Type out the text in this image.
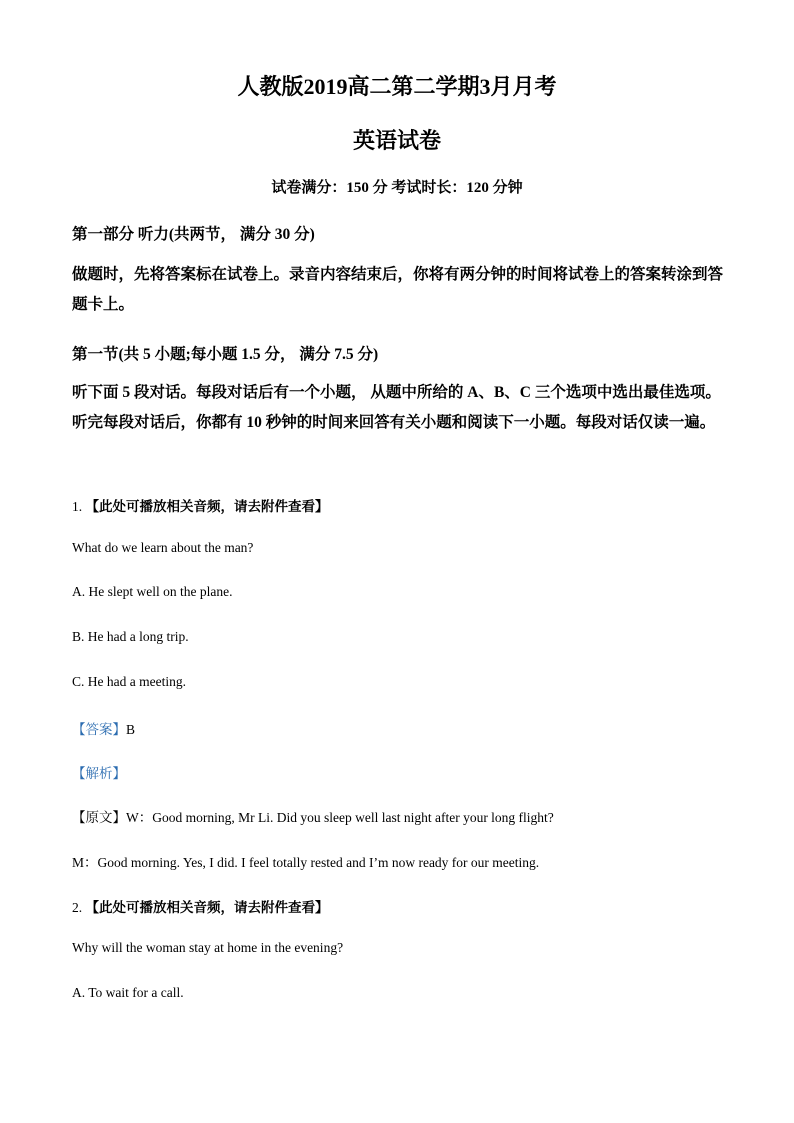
人教版2019高二第二学期3月月考
英语试卷
试卷满分：150 分 考试时长：120 分钟
第一部分 听力(共两节， 满分 30 分)
做题时，先将答案标在试卷上。录音内容结束后，你将有两分钟的时间将试卷上的答案转涂到答题卡上。
第一节(共 5 小题;每小题 1.5 分， 满分 7.5 分)
听下面 5 段对话。每段对话后有一个小题， 从题中所给的 A、B、C 三个选项中选出最佳选项。听完每段对话后，你都有 10 秒钟的时间来回答有关小题和阅读下一小题。每段对话仅读一遍。
1. 【此处可播放相关音频，请去附件查看】
What do we learn about the man?
A. He slept well on the plane.
B. He had a long trip.
C. He had a meeting.
【答案】B
【解析】
【原文】W：Good morning, Mr Li. Did you sleep well last night after your long flight?
M：Good morning. Yes, I did. I feel totally rested and I’m now ready for our meeting.
2. 【此处可播放相关音频，请去附件查看】
Why will the woman stay at home in the evening?
A. To wait for a call.
